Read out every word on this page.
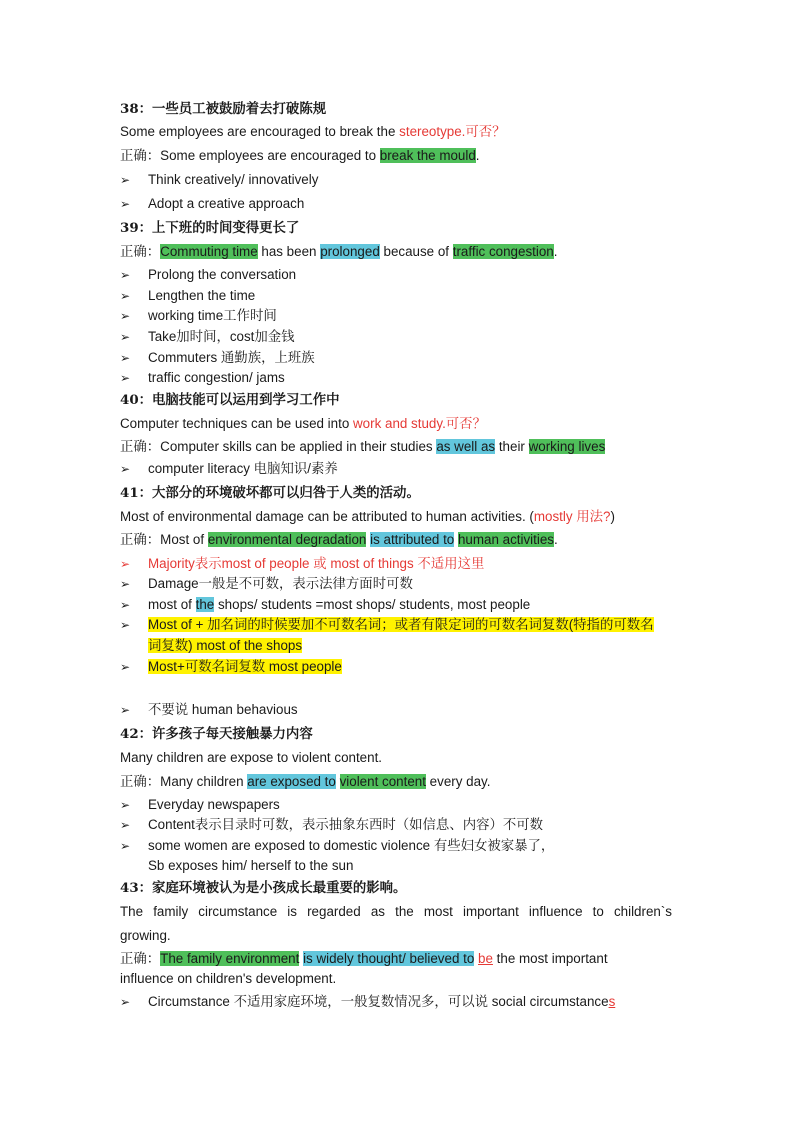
38：一些员工被鼓励着去打破陈规
Some employees are encouraged to break the stereotype.可否？
正确：Some employees are encouraged to break the mould.
➢ Think creatively/ innovatively
➢ Adopt a creative approach
39：上下班的时间变得更长了
正确：Commuting time has been prolonged because of traffic congestion.
➢ Prolong the conversation
➢ Lengthen the time
➢ working time工作时间
➢ Take加时间，cost加金钱
➢ Commuters 通勤族，上班族
➢ traffic congestion/ jams
40：电脑技能可以运用到学习工作中
Computer techniques can be used into work and study.可否？
正确：Computer skills can be applied in their studies as well as their working lives
➢ computer literacy 电脑知识/素养
41：大部分的环境破坏都可以归咎于人类的活动。
Most of environmental damage can be attributed to human activities. (mostly 用法?)
正确：Most of environmental degradation is attributed to human activities.
➢ Majority表示most of people 或 most of things 不适用这里
➢ Damage一般是不可数，表示法律方面时可数
➢ most of the shops/ students =most shops/ students, most people
➢ Most of + 加名词的时候要加不可数名词；或者有限定词的可数名词复数(特指的可数名
词复数) most of the shops
➢ Most+可数名词复数 most people
➢ 不要说 human behavious
42：许多孩子每天接触暴力内容
Many children are expose to violent content.
正确：Many children are exposed to violent content every day.
➢ Everyday newspapers
➢ Content表示目录时可数，表示抽象东西时（如信息、内容）不可数
➢ some women are exposed to domestic violence 有些妇女被家暴了，
Sb exposes him/ herself to the sun
43：家庭环境被认为是小孩成长最重要的影响。
The family circumstance is regarded as the most important influence to children`s
growing.
正确：The family environment is widely thought/ believed to be the most important
influence on children's development.
➢ Circumstance 不适用家庭环境，一般复数情况多，可以说 social circumstances
